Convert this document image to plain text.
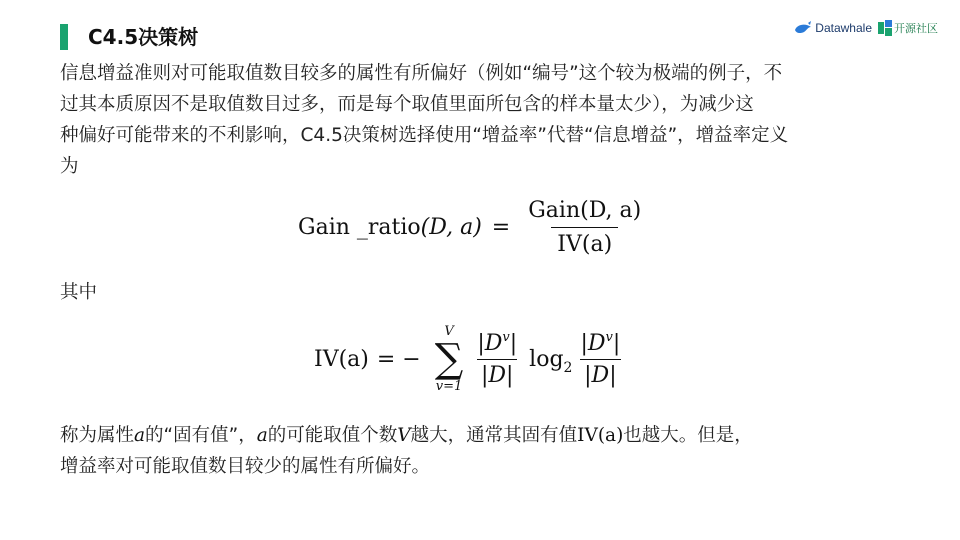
C4.5决策树	Datawhale 开源社区
信息增益准则对可能取值数目较多的属性有所偏好（例如“编号”这个较为极端的例子，不
过其本质原因不是取值数目过多，而是每个取值里面所包含的样本量太少），为减少这
种偏好可能带来的不利影响，C4.5决策树选择使用“增益率”代替“信息增益”，增益率定义
为
Gain _ratio (D, $a) = \frac{\text{Gain(D, a)}}{IV(a)}$
其中
IV(a) = −
V
∑
$v=1 \frac{|D^v|}{|D|} \log_2 \frac{|D^v|}{|D|}$
称为属性a的“固有值”，a的可能取值个数V越大，通常其固有值IV(a)也越大。但是，
增益率对可能取值数目较少的属性有所偏好。
